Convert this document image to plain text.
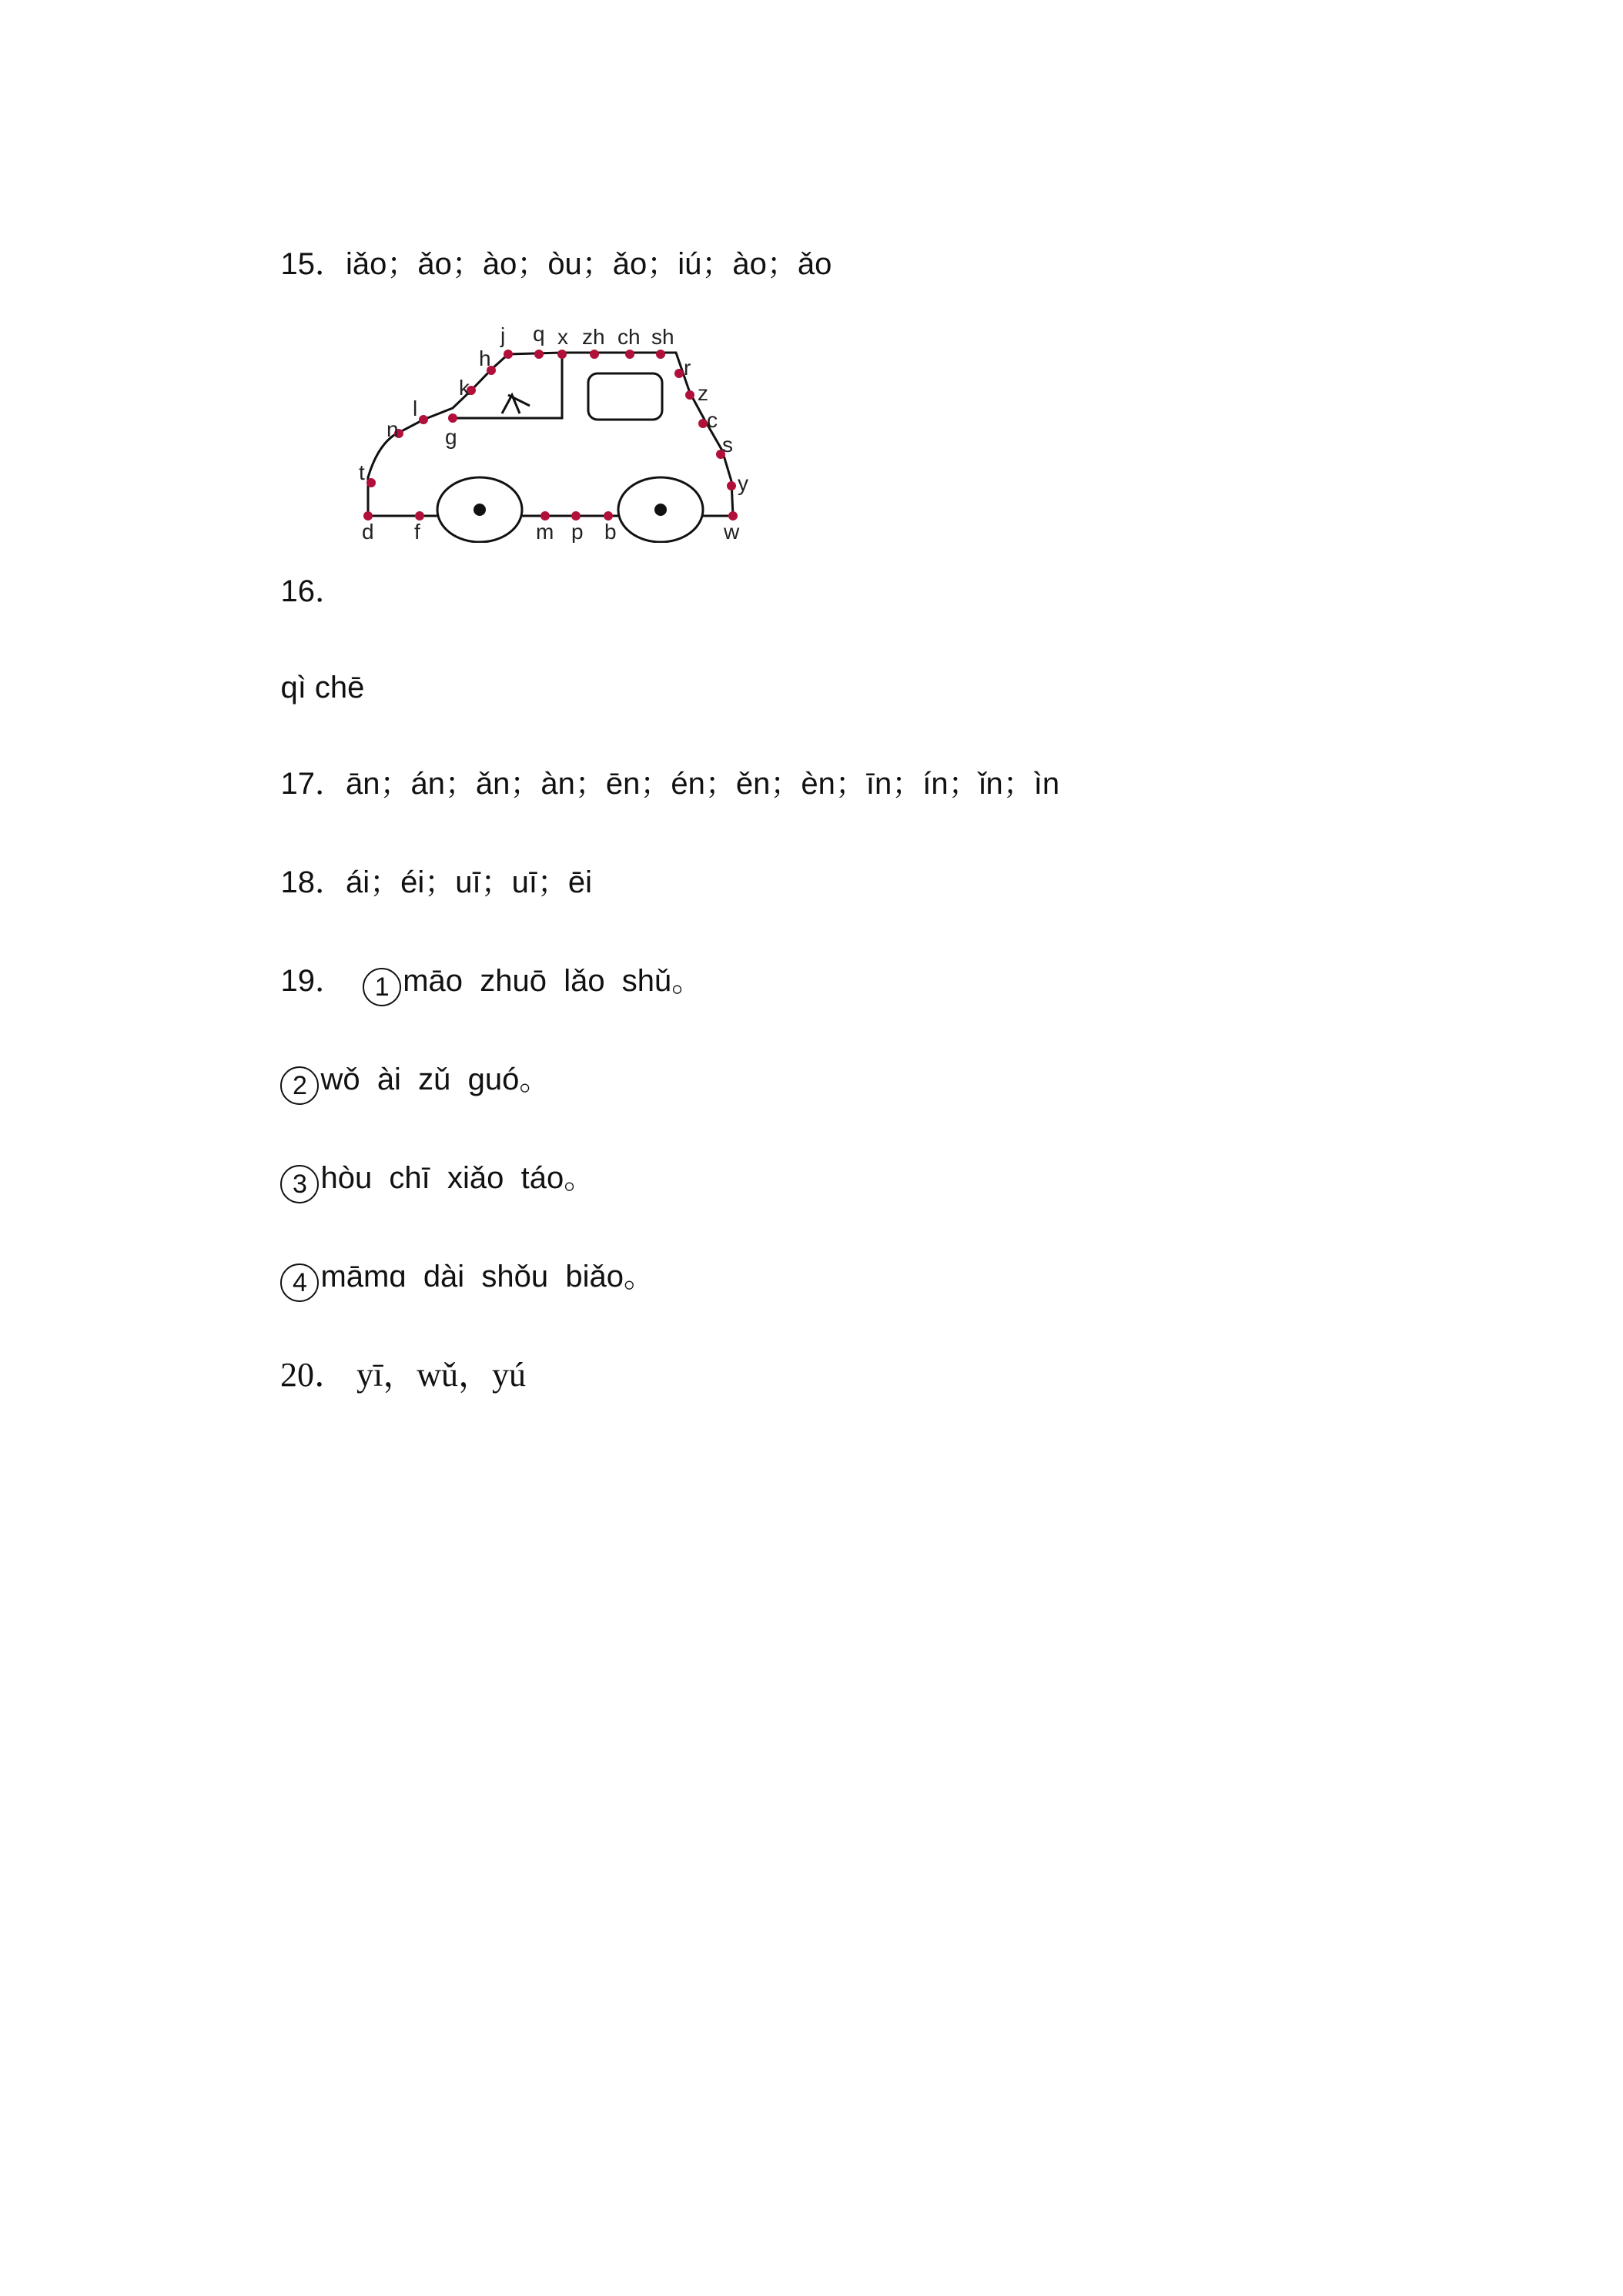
15．iǎo；ǎo；ào；òu；ǎo；iú；ào；ǎo

16．

d f	m p b	w
t
n
l
g
k
h
j q x zh ch sh
r
z
c
s
y

qì chē

17．ān；án；ǎn；àn；ēn；én；ěn；èn；īn；ín；ǐn；ìn

18．ái；éi；uī；uī；ēi

19． 1 māo  zhuō  lǎo  shǔ。

2 wǒ  ài  zǔ  guó。

3 hòu  chī  xiǎo  táo。

4 māmɑ  dài  shǒu  biǎo。

20． yī，wǔ，yú
